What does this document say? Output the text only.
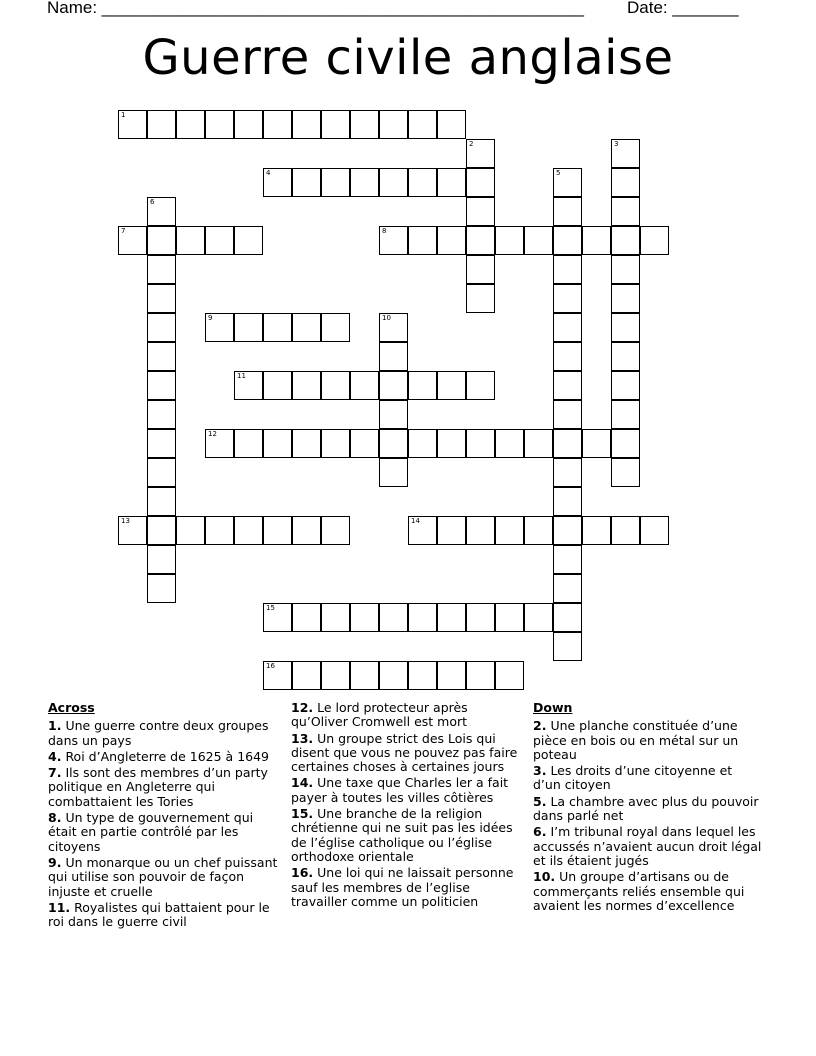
Name: ___________________________________________________	Date: _______
Guerre civile anglaise
1
4
7	8
9
11
12
13	14
15
16
2	3
5
6
10
Across
1. Une guerre contre deux groupes dans un pays
4. Roi d’Angleterre de 1625 à 1649
7. Ils sont des membres d’un party politique en Angleterre qui combattaient les Tories
8. Un type de gouvernement qui était en partie contrôlé par les citoyens
9. Un monarque ou un chef puissant qui utilise son pouvoir de façon injuste et cruelle
11. Royalistes qui battaient pour le roi dans le guerre civil
12. Le lord protecteur après qu’Oliver Cromwell est mort
13. Un groupe strict des Lois qui disent que vous ne pouvez pas faire certaines choses à certaines jours
14. Une taxe que Charles ler a fait payer à toutes les villes côtières
15. Une branche de la religion chrétienne qui ne suit pas les idées de l’église catholique ou l’église orthodoxe orientale
16. Une loi qui ne laissait personne sauf les membres de l’eglise travailler comme un politicien
Down
2. Une planche constituée d’une pièce en bois ou en métal sur un poteau
3. Les droits d’une citoyenne et d’un citoyen
5. La chambre avec plus du pouvoir dans parlé net
6. I’m tribunal royal dans lequel les accussés n’avaient aucun droit légal et ils étaient jugés
10. Un groupe d’artisans ou de commerçants reliés ensemble qui avaient les normes d’excellence
